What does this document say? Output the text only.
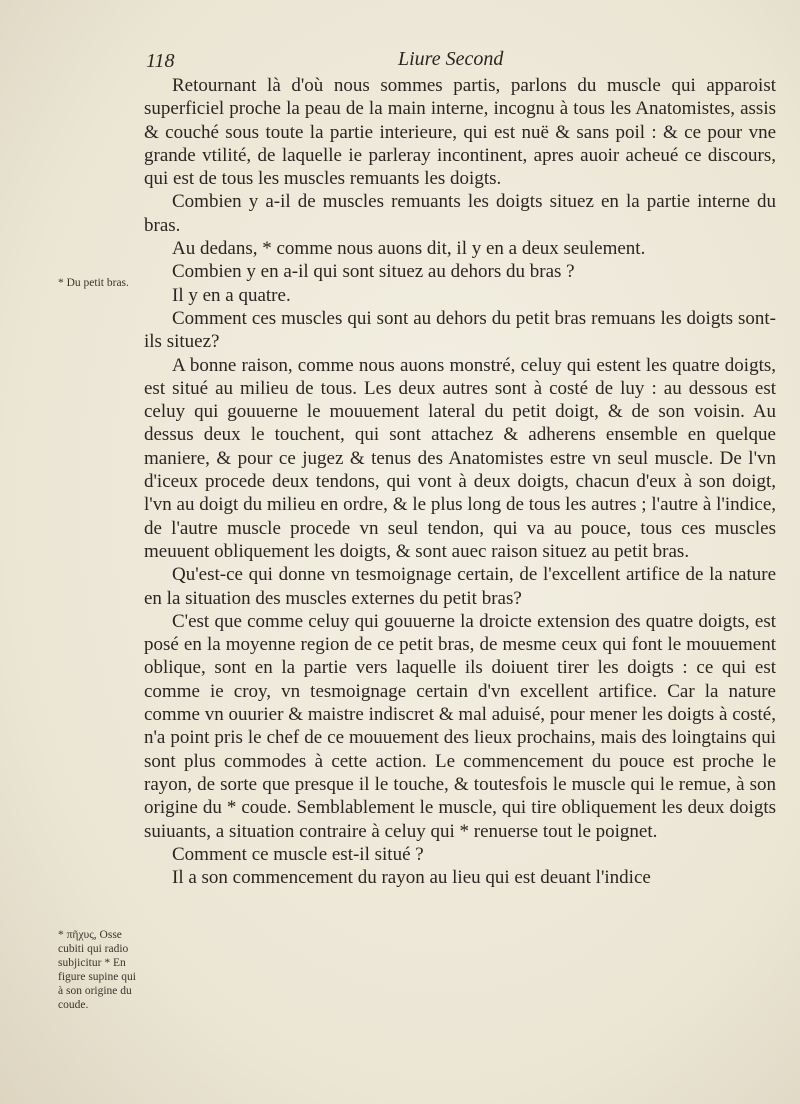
118	Liure Second

Retournant là d'où nous sommes partis, parlons du muscle qui apparoist superficiel proche la peau de la main interne, incognu à tous les Anatomistes, assis & couché sous toute la partie interieure, qui est nuë & sans poil : & ce pour vne grande vtilité, de laquelle ie parleray incontinent, apres auoir acheué ce discours, qui est de tous les muscles remuants les doigts.

Combien y a-il de muscles remuants les doigts situez en la partie interne du bras.

Au dedans, * comme nous auons dit, il y en a deux seulement.

Combien y en a-il qui sont situez au dehors du bras ?

Il y en a quatre.

Comment ces muscles qui sont au dehors du petit bras remuans les doigts sont-ils situez?

A bonne raison, comme nous auons monstré, celuy qui estent les quatre doigts, est situé au milieu de tous. Les deux autres sont à costé de luy : au dessous est celuy qui gouuerne le mouuement lateral du petit doigt, & de son voisin. Au dessus deux le touchent, qui sont attachez & adherens ensemble en quelque maniere, & pour ce jugez & tenus des Anatomistes estre vn seul muscle. De l'vn d'iceux procede deux tendons, qui vont à deux doigts, chacun d'eux à son doigt, l'vn au doigt du milieu en ordre, & le plus long de tous les autres ; l'autre à l'indice, de l'autre muscle procede vn seul tendon, qui va au pouce, tous ces muscles meuuent obliquement les doigts, & sont auec raison situez au petit bras.

Qu'est-ce qui donne vn tesmoignage certain, de l'excellent artifice de la nature en la situation des muscles externes du petit bras?

C'est que comme celuy qui gouuerne la droicte extension des quatre doigts, est posé en la moyenne region de ce petit bras, de mesme ceux qui font le mouuement oblique, sont en la partie vers laquelle ils doiuent tirer les doigts : ce qui est comme ie croy, vn tesmoignage certain d'vn excellent artifice. Car la nature comme vn ouurier & maistre indiscret & mal aduisé, pour mener les doigts à costé, n'a point pris le chef de ce mouuement des lieux prochains, mais des loingtains qui sont plus commodes à cette action. Le commencement du pouce est proche le rayon, de sorte que presque il le touche, & toutesfois le muscle qui le remue, à son origine du * coude. Semblablement le muscle, qui tire obliquement les deux doigts suiuants, a situation contraire à celuy qui * renuerse tout le poignet.

Comment ce muscle est-il situé ?

Il a son commencement du rayon au lieu qui est deuant l'indice

* Du petit bras.
* πῆχυς, Osse cubiti qui radio subjicitur * En figure supine qui à son origine du coude.
